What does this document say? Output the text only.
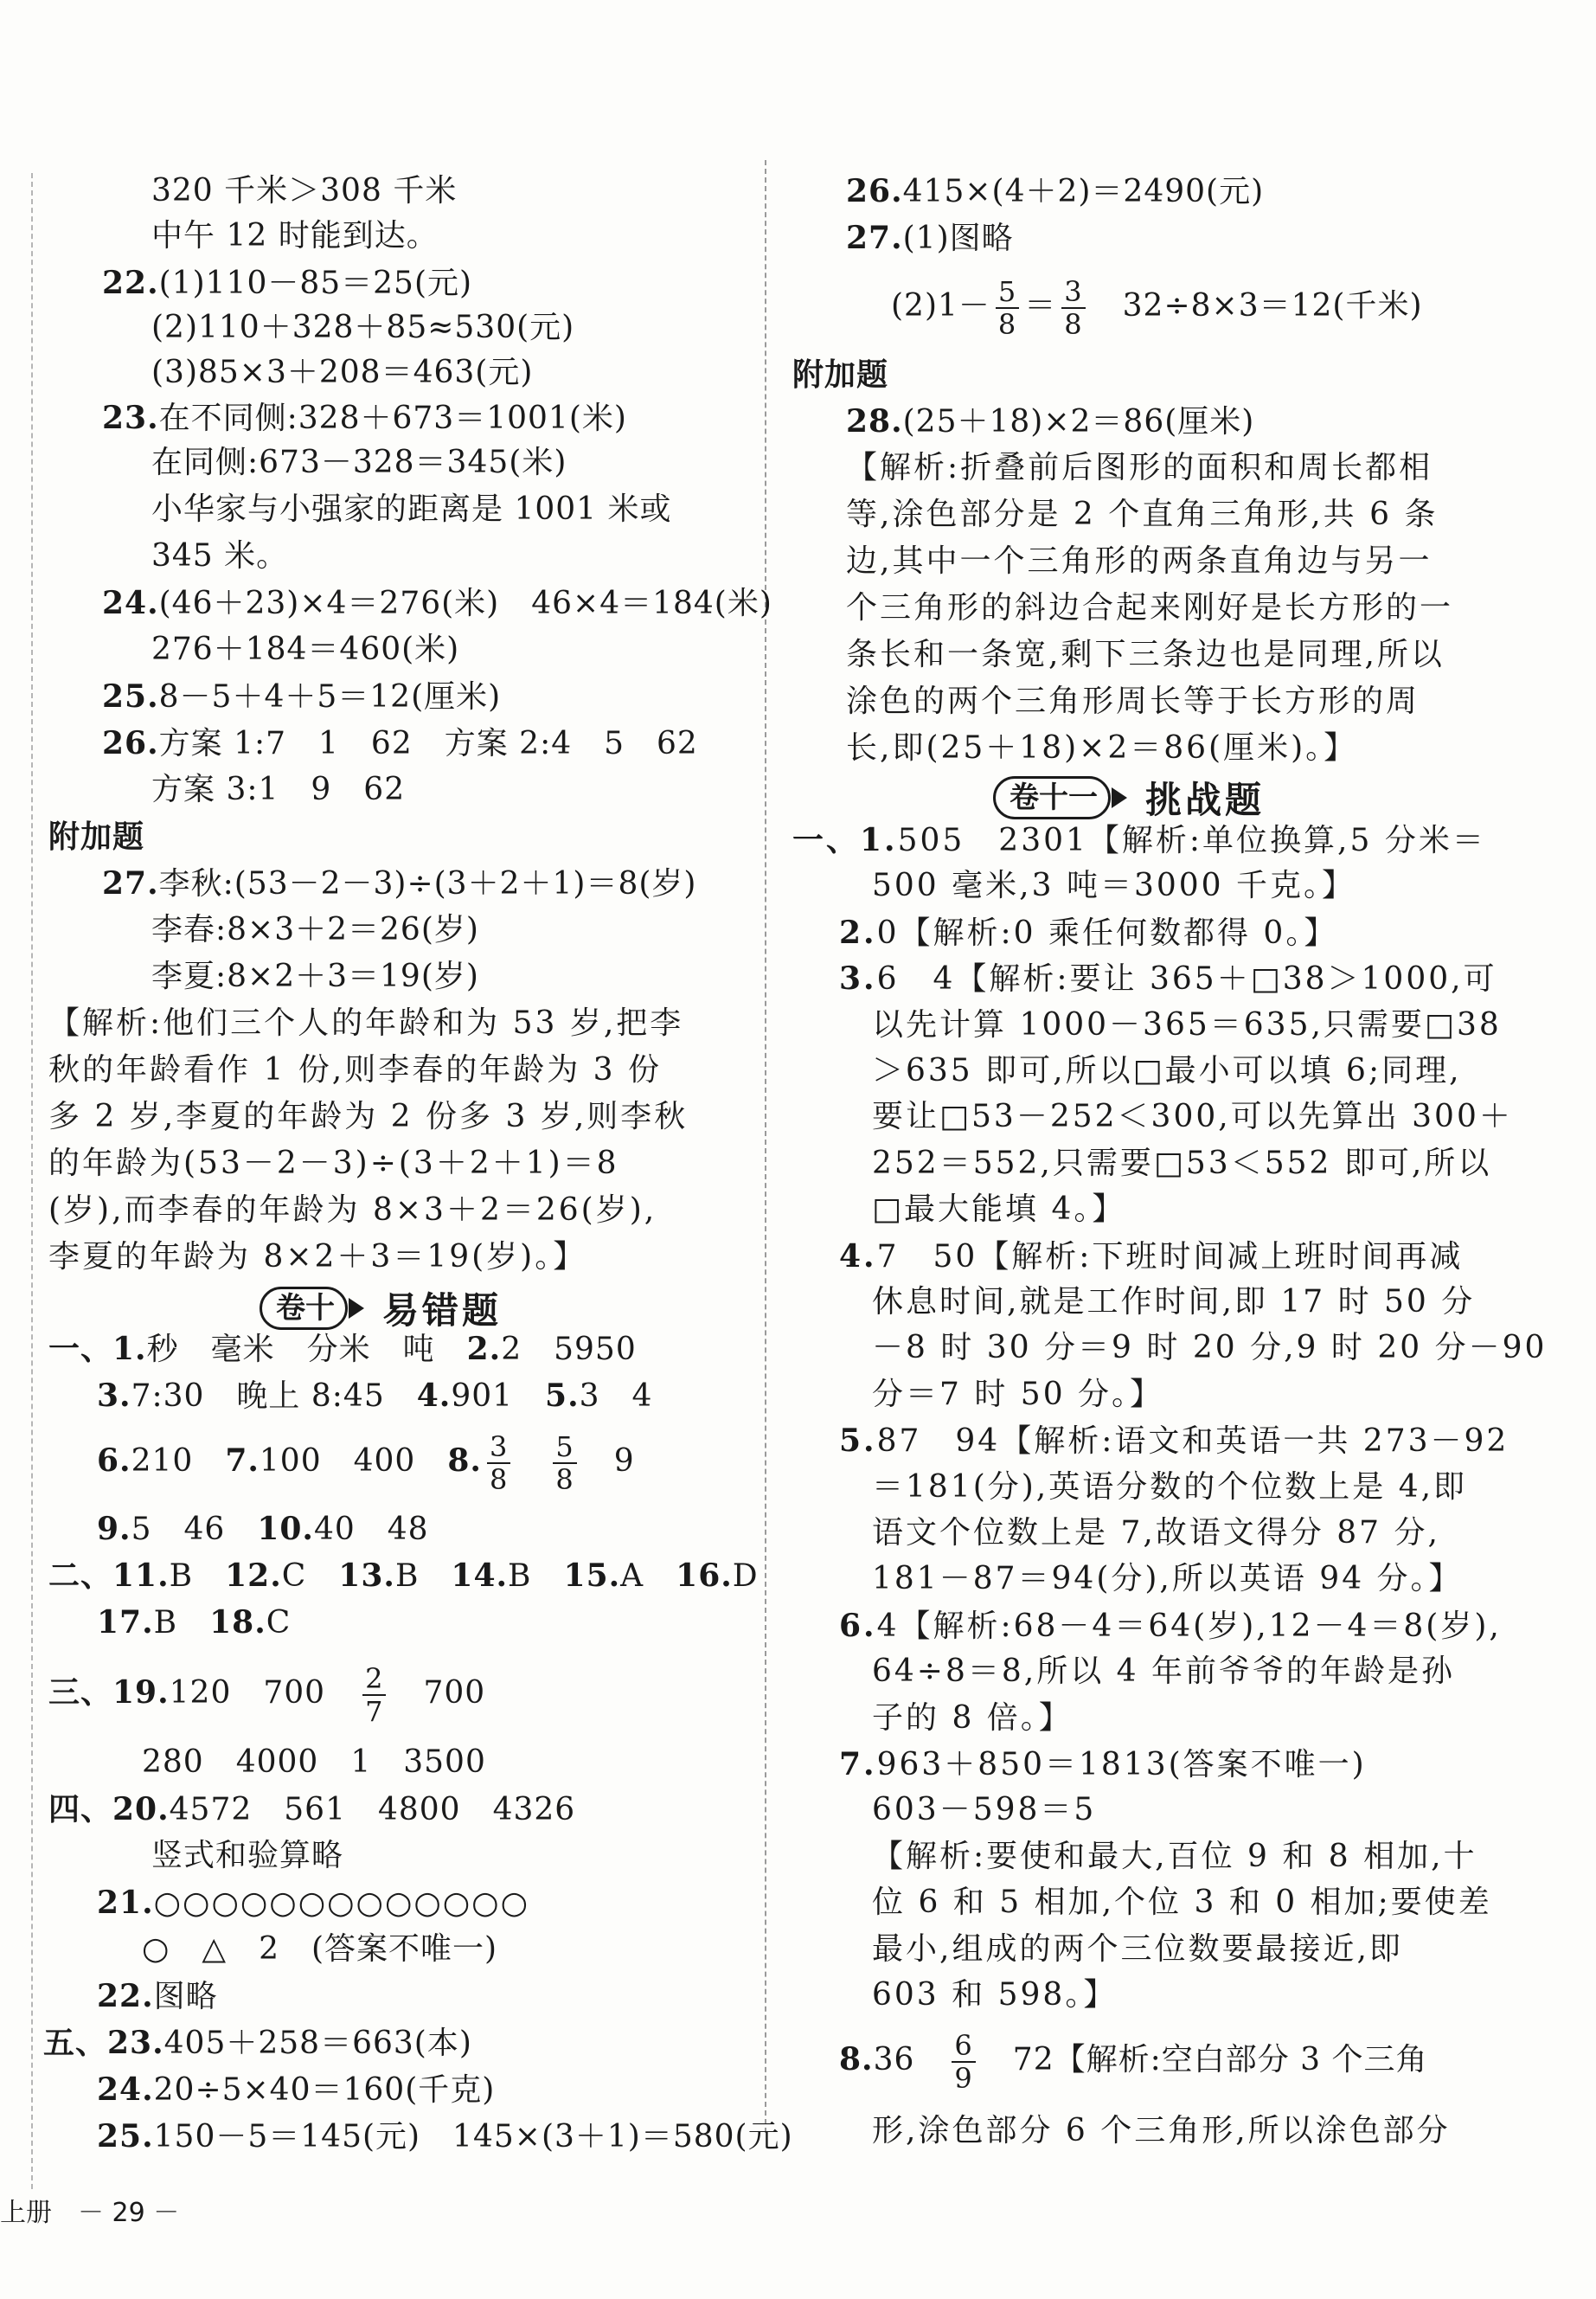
320 千米＞308 千米
中午 12 时能到达。
22.(1)110－85＝25(元)
(2)110＋328＋85≈530(元)
(3)85×3＋208＝463(元)
23.在不同侧:328＋673＝1001(米)
在同侧:673－328＝345(米)
小华家与小强家的距离是 1001 米或
345 米。
24.(46＋23)×4＝276(米)　46×4＝184(米)
276＋184＝460(米)
25.8－5＋4＋5＝12(厘米)
26.方案 1:7　1　62　方案 2:4　5　62
方案 3:1　9　62
附加题
27.李秋:(53－2－3)÷(3＋2＋1)＝8(岁)
李春:8×3＋2＝26(岁)
李夏:8×2＋3＝19(岁)
【解析:他们三个人的年龄和为 53 岁,把李
秋的年龄看作 1 份,则李春的年龄为 3 份
多 2 岁,李夏的年龄为 2 份多 3 岁,则李秋
的年龄为(53－2－3)÷(3＋2＋1)＝8
(岁),而李春的年龄为 8×3＋2＝26(岁),
李夏的年龄为 8×2＋3＝19(岁)。】
卷十	易错题
一、1.秒　毫米　分米　吨　2.2　5950
3.7:30　晚上 8:45　4.901　5.3　4
6.210　7.100　400　8. $\frac{3}{8}$
　 $\frac{5}{8}$
　 9
9.5　46　10.40　48
二、11.B　12.C　13.B　14.B　15.A　16.D
17.B　18.C
三、19.120　700　 $\frac{2}{7}$
　 700
280　4000　1　3500
四、20.4572　561　4800　4326
竖式和验算略
21.○○○○○○○○○○○○○
○　△　2　(答案不唯一)
22.图略
五、23.405＋258＝663(本)
24.20÷5×40＝160(千克)
25.150－5＝145(元)　145×(3＋1)＝580(元)
上册　－ 29 －
26.415×(4＋2)＝2490(元)
27.(1)图略
$(2)1- \frac{5}{8} = \frac{3}{8}$
　 32÷8×3＝12(千米)
附加题
28.(25＋18)×2＝86(厘米)
【解析:折叠前后图形的面积和周长都相
等,涂色部分是 2 个直角三角形,共 6 条
边,其中一个三角形的两条直角边与另一
个三角形的斜边合起来刚好是长方形的一
条长和一条宽,剩下三条边也是同理,所以
涂色的两个三角形周长等于长方形的周
长,即(25＋18)×2＝86(厘米)。】
卷十一	挑战题
一、1.505　2301【解析:单位换算,5 分米＝
500 毫米,3 吨＝3000 千克。】
2.0【解析:0 乘任何数都得 0。】
3.6　4【解析:要让 365＋□38＞1000,可
以先计算 1000－365＝635,只需要□38
＞635 即可,所以□最小可以填 6;同理,
要让□53－252＜300,可以先算出 300＋
252＝552,只需要□53＜552 即可,所以
□最大能填 4。】
4.7　50【解析:下班时间减上班时间再减
休息时间,就是工作时间,即 17 时 50 分
－8 时 30 分＝9 时 20 分,9 时 20 分－90
分＝7 时 50 分。】
5.87　94【解析:语文和英语一共 273－92
＝181(分),英语分数的个位数上是 4,即
语文个位数上是 7,故语文得分 87 分,
181－87＝94(分),所以英语 94 分。】
6.4【解析:68－4＝64(岁),12－4＝8(岁),
64÷8＝8,所以 4 年前爷爷的年龄是孙
子的 8 倍。】
7.963＋850＝1813(答案不唯一)
603－598＝5
【解析:要使和最大,百位 9 和 8 相加,十
位 6 和 5 相加,个位 3 和 0 相加;要使差
最小,组成的两个三位数要最接近,即
603 和 598。】
8.36　 $\frac{6}{9}$
　 72【解析:空白部分 3 个三角
形,涂色部分 6 个三角形,所以涂色部分
